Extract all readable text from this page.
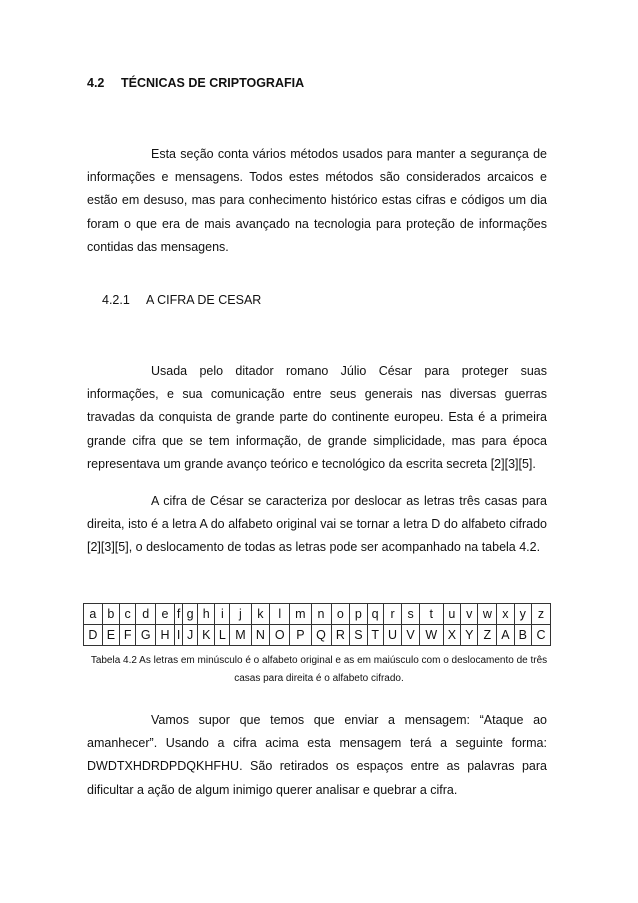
4.2 TÉCNICAS DE CRIPTOGRAFIA

Esta seção conta vários métodos usados para manter a segurança de informações e mensagens. Todos estes métodos são considerados arcaicos e estão em desuso, mas para conhecimento histórico estas cifras e códigos um dia foram o que era de mais avançado na tecnologia para proteção de informações contidas das mensagens.

4.2.1 A CIFRA DE CESAR

Usada pelo ditador romano Júlio César para proteger suas informações, e sua comunicação entre seus generais nas diversas guerras travadas da conquista de grande parte do continente europeu. Esta é a primeira grande cifra que se tem informação, de grande simplicidade, mas para época representava um grande avanço teórico e tecnológico da escrita secreta [2][3][5].

A cifra de César se caracteriza por deslocar as letras três casas para direita, isto é a letra A do alfabeto original vai se tornar a letra D do alfabeto cifrado [2][3][5], o deslocamento de todas as letras pode ser acompanhado na tabela 4.2.

a	b	c	d	e	f	g	h	i	j	k	l	m	n	o	p	q	r	s	t	u	v	w	x	y	z
D	E	F	G	H	I	J	K	L	M	N	O	P	Q	R	S	T	U	V	W	X	Y	Z	A	B	C

Tabela 4.2 As letras em minúsculo é o alfabeto original e as em maiúsculo com o deslocamento de três casas para direita é o alfabeto cifrado.

Vamos supor que temos que enviar a mensagem: “Ataque ao amanhecer”. Usando a cifra acima esta mensagem terá a seguinte forma: DWDTXHDRDPDQKHFHU. São retirados os espaços entre as palavras para dificultar a ação de algum inimigo querer analisar e quebrar a cifra.
